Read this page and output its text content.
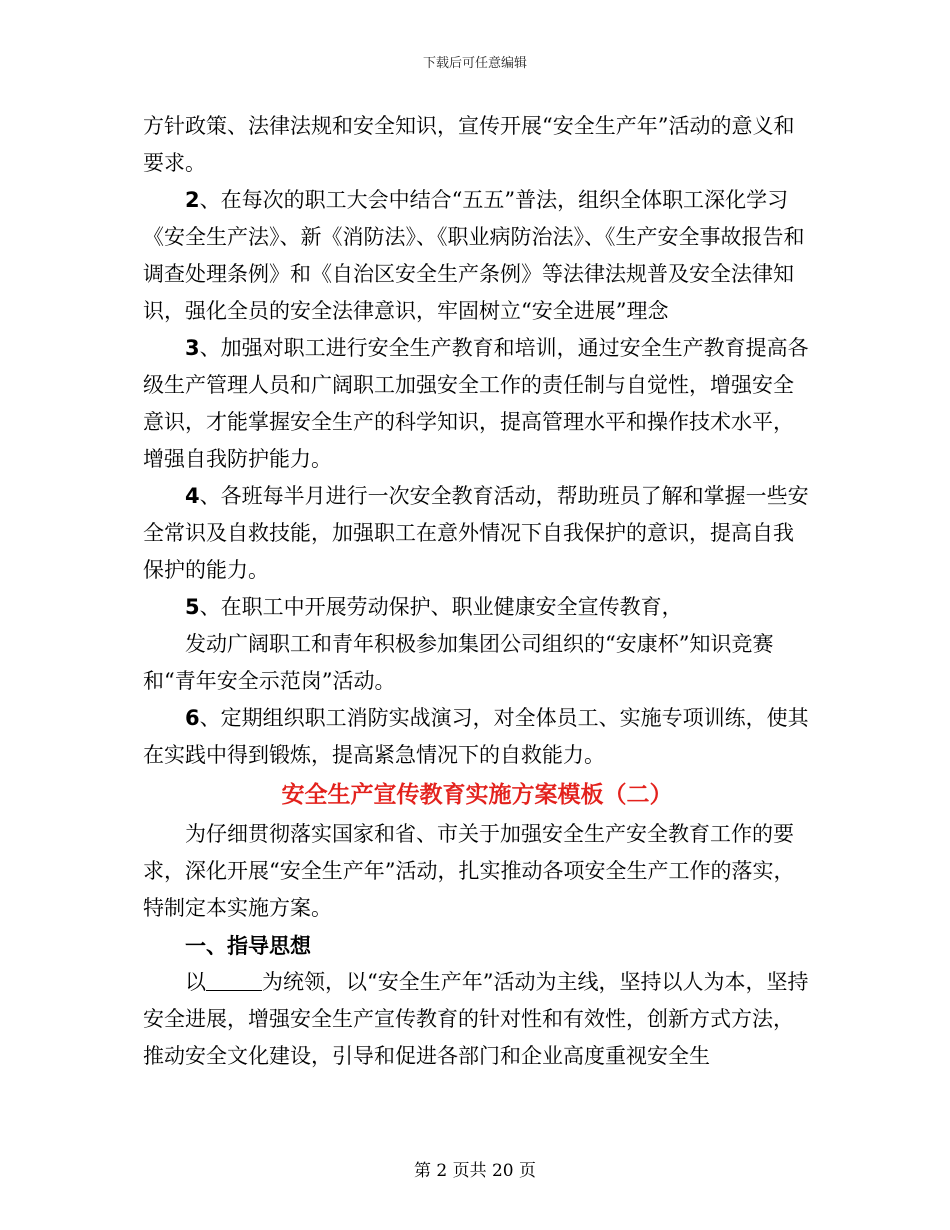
下载后可任意编辑

方针政策、法律法规和安全知识，宣传开展“安全生产年”活动的意义和要求。

2、在每次的职工大会中结合“五五”普法，组织全体职工深化学习《安全生产法》、新《消防法》、《职业病防治法》、《生产安全事故报告和调查处理条例》和《自治区安全生产条例》等法律法规普及安全法律知识，强化全员的安全法律意识，牢固树立“安全进展”理念

3、加强对职工进行安全生产教育和培训，通过安全生产教育提高各级生产管理人员和广阔职工加强安全工作的责任制与自觉性，增强安全意识，才能掌握安全生产的科学知识，提高管理水平和操作技术水平，增强自我防护能力。

4、各班每半月进行一次安全教育活动，帮助班员了解和掌握一些安全常识及自救技能，加强职工在意外情况下自我保护的意识，提高自我保护的能力。

5、在职工中开展劳动保护、职业健康安全宣传教育，

发动广阔职工和青年积极参加集团公司组织的“安康杯”知识竞赛和“青年安全示范岗”活动。

6、定期组织职工消防实战演习，对全体员工、实施专项训练，使其在实践中得到锻炼，提高紧急情况下的自救能力。

安全生产宣传教育实施方案模板（二）

为仔细贯彻落实国家和省、市关于加强安全生产安全教育工作的要求，深化开展“安全生产年”活动，扎实推动各项安全生产工作的落实，特制定本实施方案。

一、指导思想

以	为统领，以“安全生产年”活动为主线，坚持以人为本，坚持安全进展，增强安全生产宣传教育的针对性和有效性，创新方式方法，推动安全文化建设，引导和促进各部门和企业高度重视安全生

第 2 页共 20 页
